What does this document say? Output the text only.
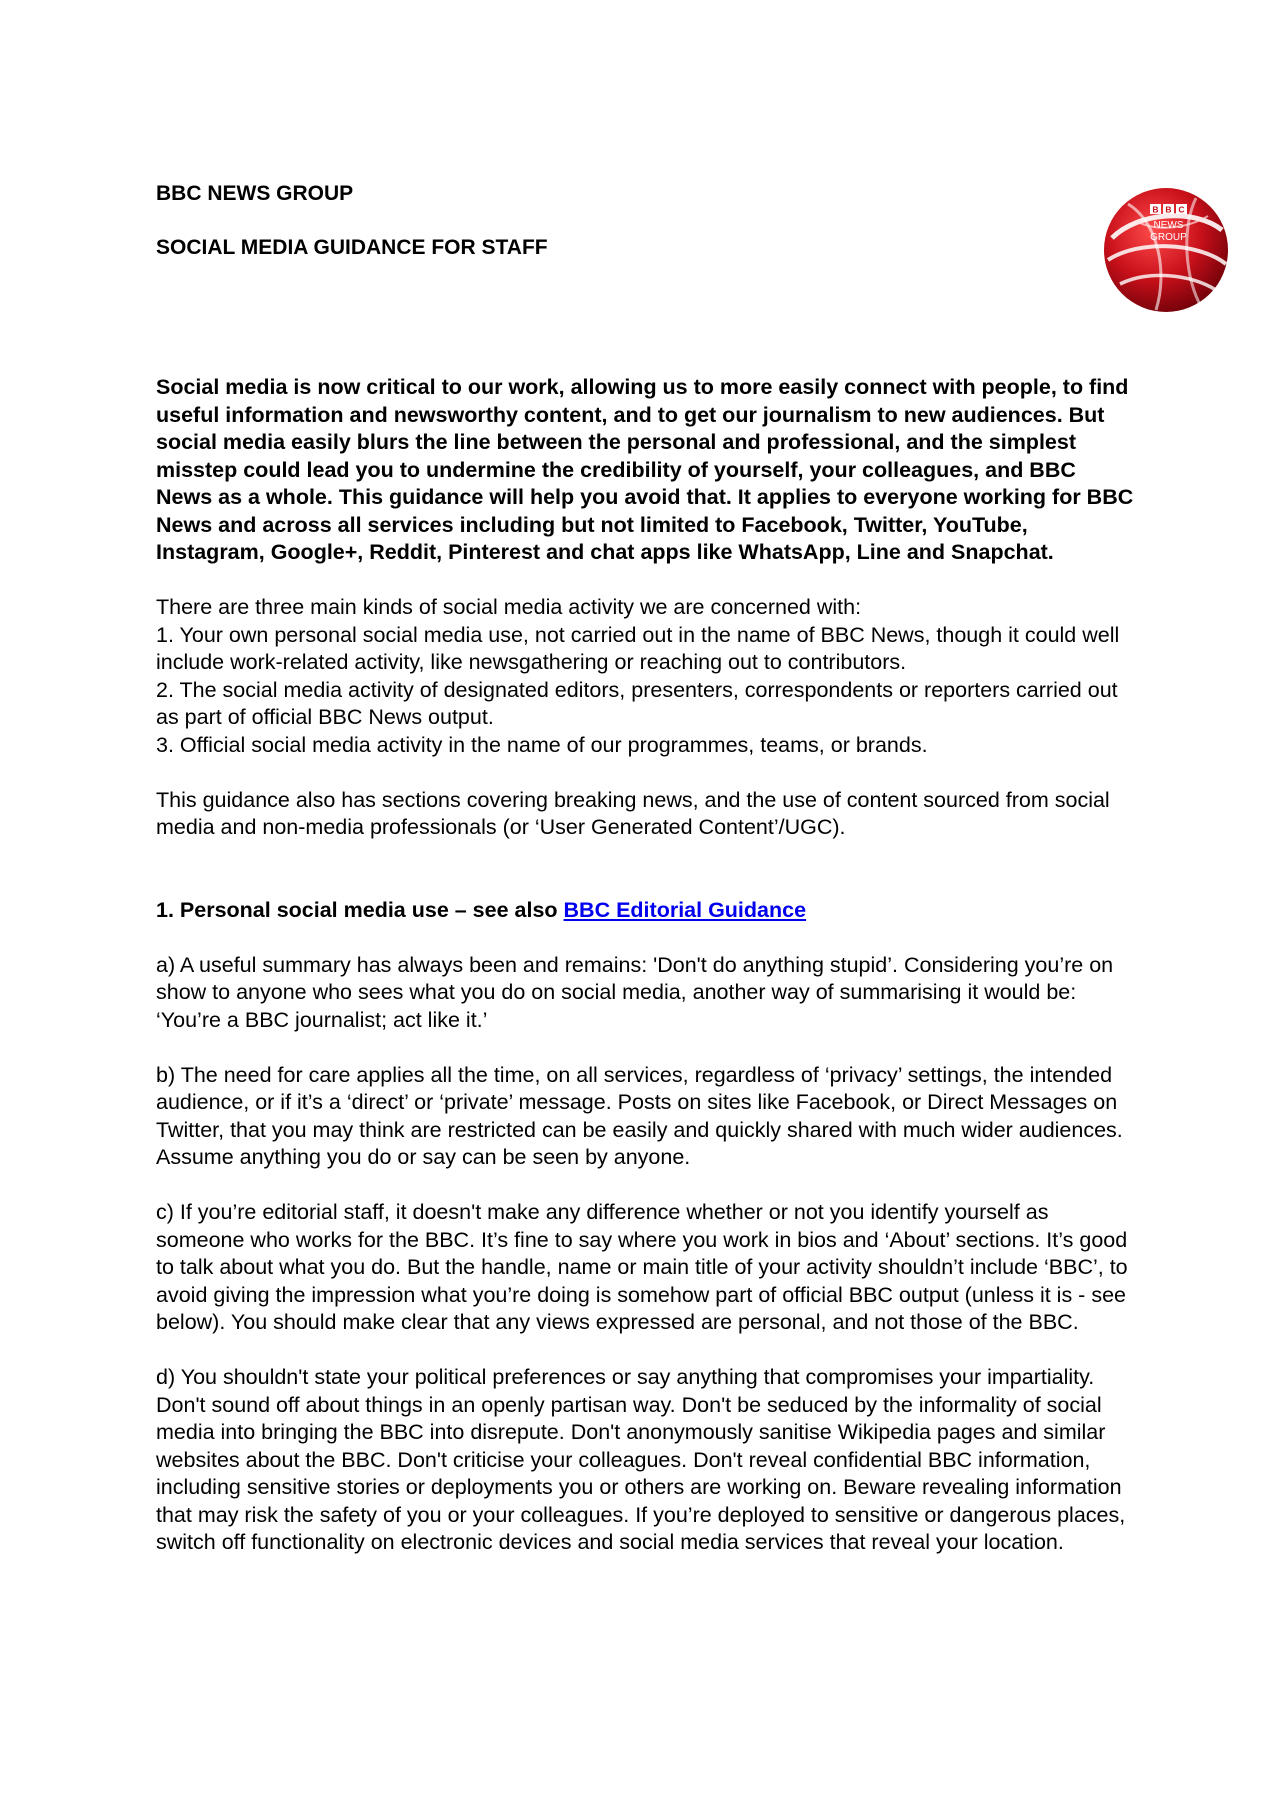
BBC NEWS GROUP
SOCIAL MEDIA GUIDANCE FOR STAFF
B B C
NEWS
GROUP

Social media is now critical to our work, allowing us to more easily connect with people, to find useful information and newsworthy content, and to get our journalism to new audiences. But social media easily blurs the line between the personal and professional, and the simplest misstep could lead you to undermine the credibility of yourself, your colleagues, and BBC News as a whole. This guidance will help you avoid that. It applies to everyone working for BBC News and across all services including but not limited to Facebook, Twitter, YouTube, Instagram, Google+, Reddit, Pinterest and chat apps like WhatsApp, Line and Snapchat.

There are three main kinds of social media activity we are concerned with:

1. Your own personal social media use, not carried out in the name of BBC News, though it could well include work-related activity, like newsgathering or reaching out to contributors.

2. The social media activity of designated editors, presenters, correspondents or reporters carried out as part of official BBC News output.

3. Official social media activity in the name of our programmes, teams, or brands.

This guidance also has sections covering breaking news, and the use of content sourced from social media and non-media professionals (or ‘User Generated Content’/UGC).

1. Personal social media use – see also BBC Editorial Guidance

a) A useful summary has always been and remains: 'Don't do anything stupid’. Considering you’re on show to anyone who sees what you do on social media, another way of summarising it would be: ‘You’re a BBC journalist; act like it.’

b) The need for care applies all the time, on all services, regardless of ‘privacy’ settings, the intended audience, or if it’s a ‘direct’ or ‘private’ message. Posts on sites like Facebook, or Direct Messages on Twitter, that you may think are restricted can be easily and quickly shared with much wider audiences. Assume anything you do or say can be seen by anyone.

c) If you’re editorial staff, it doesn't make any difference whether or not you identify yourself as someone who works for the BBC. It’s fine to say where you work in bios and ‘About’ sections. It’s good to talk about what you do. But the handle, name or main title of your activity shouldn’t include ‘BBC’, to avoid giving the impression what you’re doing is somehow part of official BBC output (unless it is - see below). You should make clear that any views expressed are personal, and not those of the BBC.

d) You shouldn't state your political preferences or say anything that compromises your impartiality. Don't sound off about things in an openly partisan way. Don't be seduced by the informality of social media into bringing the BBC into disrepute. Don't anonymously sanitise Wikipedia pages and similar websites about the BBC. Don't criticise your colleagues. Don't reveal confidential BBC information, including sensitive stories or deployments you or others are working on. Beware revealing information that may risk the safety of you or your colleagues. If you’re deployed to sensitive or dangerous places, switch off functionality on electronic devices and social media services that reveal your location.
